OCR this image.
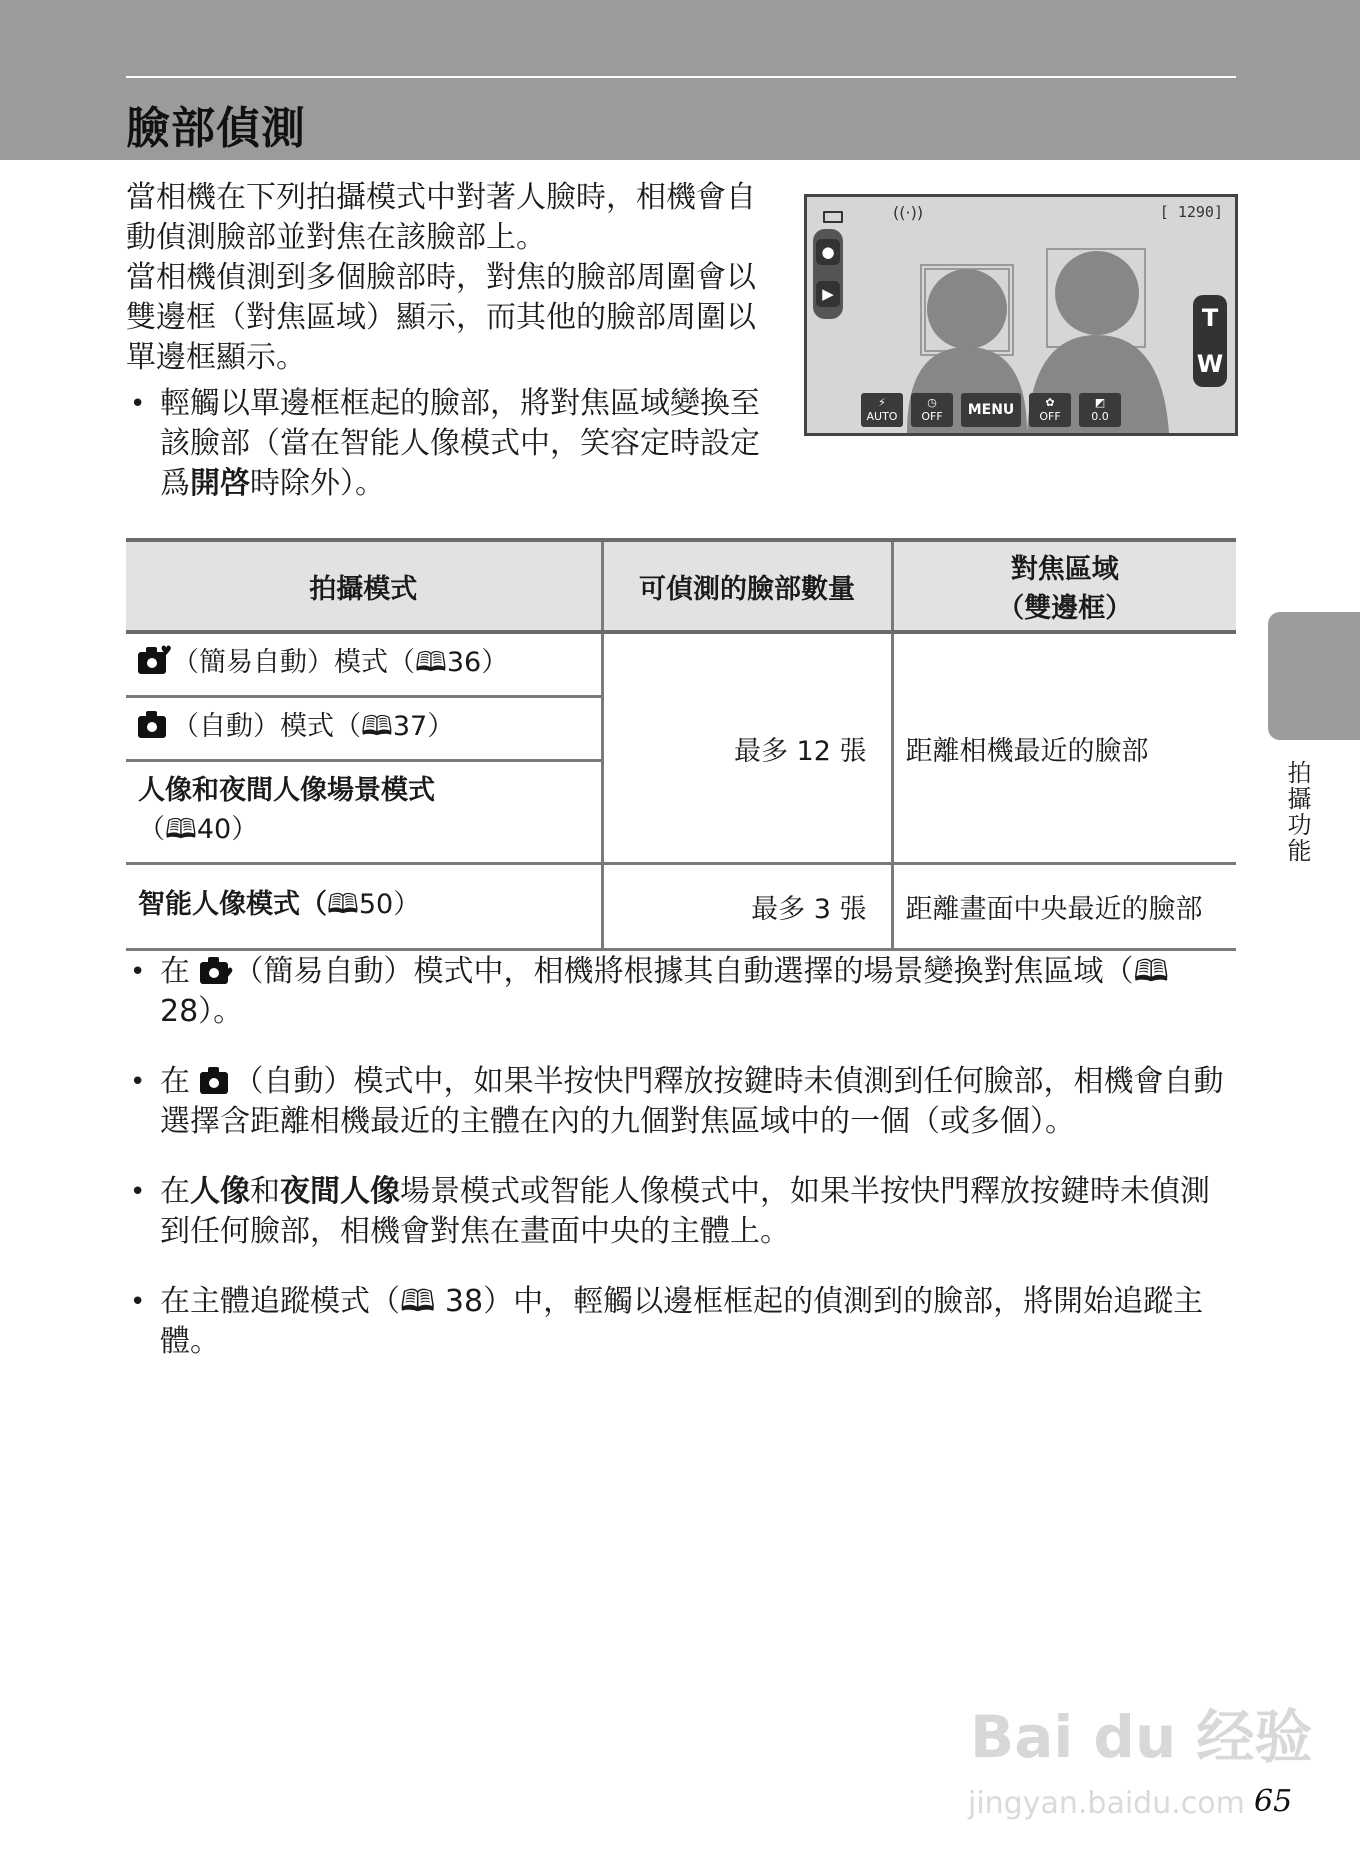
臉部偵測

當相機在下列拍攝模式中對著人臉時，相機會自動偵測臉部並對焦在該臉部上。

當相機偵測到多個臉部時，對焦的臉部周圍會以雙邊框（對焦區域）顯示，而其他的臉部周圍以單邊框顯示。

• 輕觸以單邊框框起的臉部，將對焦區域變換至該臉部（當在智能人像模式中，笑容定時設定爲開啓時除外）。

((·))	[ 1290]
●
▶
T
W
⚡
AUTO
◷
OFF	MENU	✿
OFF
◩
0.0
拍攝模式	可偵測的臉部數量	對焦區域
（雙邊框）

♥ （簡易自動）模式（🕮36）	最多 12 張	距離相機最近的臉部
（自動）模式（🕮37）		

人像和夜間人像場景模式
（🕮40）		

智能人像模式（🕮50）	最多 3 張	距離畫面中央最近的臉部

• 在 ♥ （簡易自動）模式中，相機將根據其自動選擇的場景變換對焦區域（🕮 28）。

• 在 （自動）模式中，如果半按快門釋放按鍵時未偵測到任何臉部，相機會自動選擇含距離相機最近的主體在內的九個對焦區域中的一個（或多個）。

• 在人像和夜間人像場景模式或智能人像模式中，如果半按快門釋放按鍵時未偵測到任何臉部，相機會對焦在畫面中央的主體上。

• 在主體追蹤模式（🕮 38）中，輕觸以邊框框起的偵測到的臉部，將開始追蹤主體。

拍攝功能
Bai du 经验
jingyan.baidu.com 65
